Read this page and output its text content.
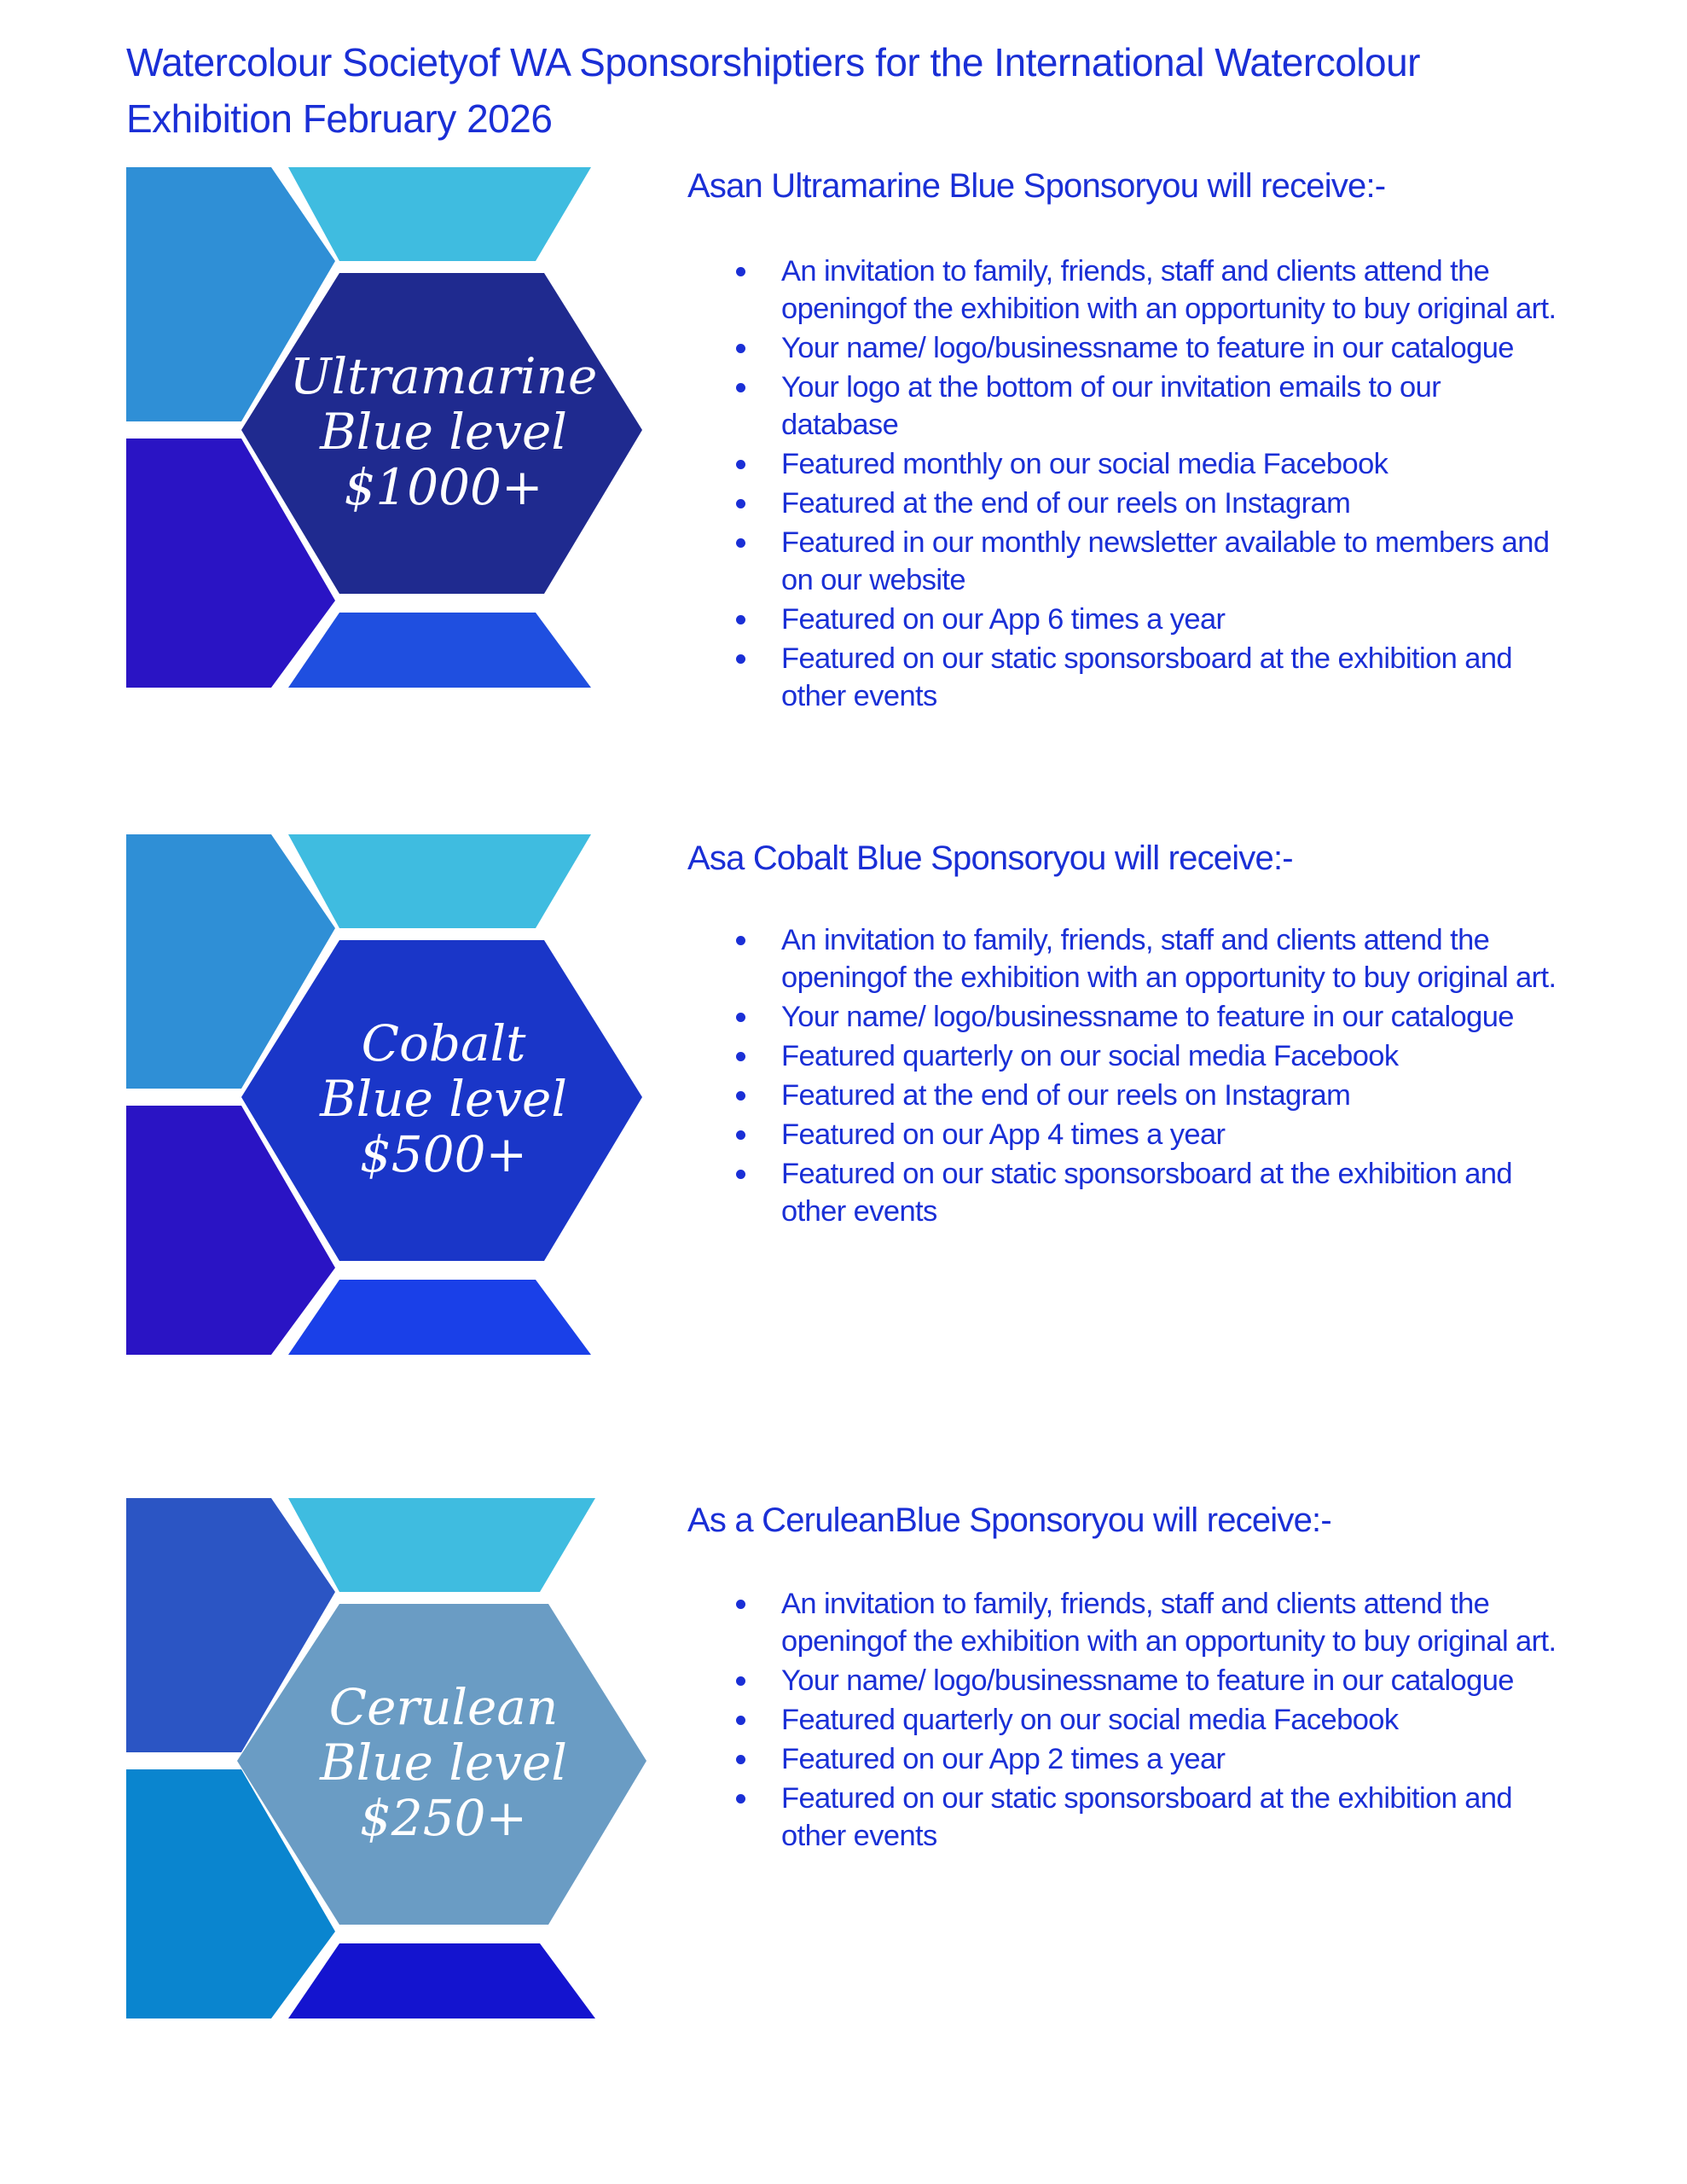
Watercolour Societyof WA Sponsorshiptiers for the International Watercolour Exhibition February 2026
Ultramarine
Blue level
$1000+
Asan Ultramarine Blue Sponsoryou will receive:-
An invitation to family, friends, staff and clients attend the openingof the exhibition with an opportunity to buy original art.
Your name/ logo/businessname to feature in our catalogue
Your logo at the bottom of our invitation emails to our database
Featured monthly on our social media Facebook
Featured at the end of our reels on Instagram
Featured in our monthly newsletter available to members and on our website
Featured on our App 6 times a year
Featured on our static sponsorsboard at the exhibition and other events
Cobalt
Blue level
$500+
Asa Cobalt Blue Sponsoryou will receive:-
An invitation to family, friends, staff and clients attend the openingof the exhibition with an opportunity to buy original art.
Your name/ logo/businessname to feature in our catalogue
Featured quarterly on our social media Facebook
Featured at the end of our reels on Instagram
Featured on our App 4 times a year
Featured on our static sponsorsboard at the exhibition and other events
Cerulean
Blue level
$250+
As a CeruleanBlue Sponsoryou will receive:-
An invitation to family, friends, staff and clients attend the openingof the exhibition with an opportunity to buy original art.
Your name/ logo/businessname to feature in our catalogue
Featured quarterly on our social media Facebook
Featured on our App 2 times a year
Featured on our static sponsorsboard at the exhibition and other events
